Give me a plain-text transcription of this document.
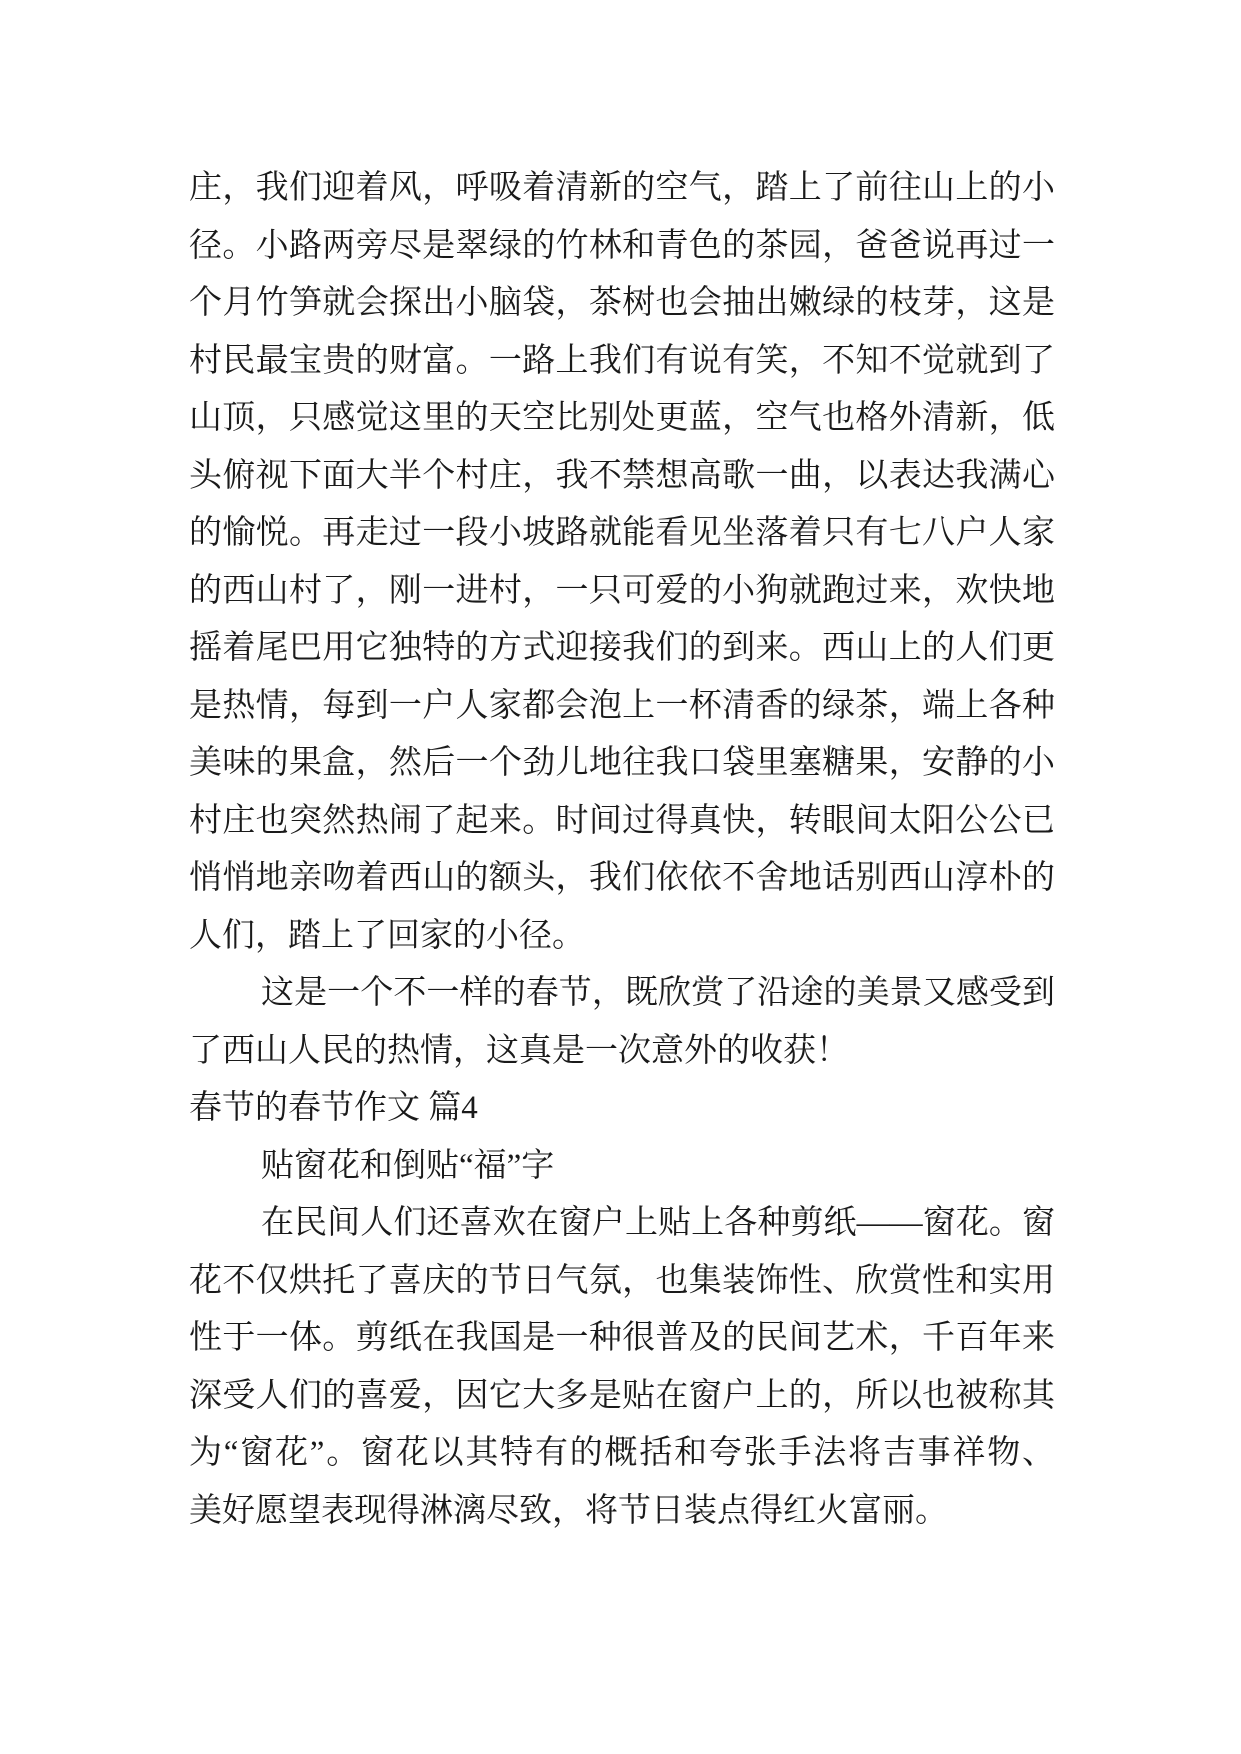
庄，我们迎着风，呼吸着清新的空气，踏上了前往山上的小
径。小路两旁尽是翠绿的竹林和青色的茶园，爸爸说再过一
个月竹笋就会探出小脑袋，茶树也会抽出嫩绿的枝芽，这是
村民最宝贵的财富。一路上我们有说有笑，不知不觉就到了
山顶，只感觉这里的天空比别处更蓝，空气也格外清新，低
头俯视下面大半个村庄，我不禁想高歌一曲，以表达我满心
的愉悦。再走过一段小坡路就能看见坐落着只有七八户人家
的西山村了，刚一进村，一只可爱的小狗就跑过来，欢快地
摇着尾巴用它独特的方式迎接我们的到来。西山上的人们更
是热情，每到一户人家都会泡上一杯清香的绿茶，端上各种
美味的果盒，然后一个劲儿地往我口袋里塞糖果，安静的小
村庄也突然热闹了起来。时间过得真快，转眼间太阳公公已
悄悄地亲吻着西山的额头，我们依依不舍地话别西山淳朴的
人们，踏上了回家的小径。
这是一个不一样的春节，既欣赏了沿途的美景又感受到
了西山人民的热情，这真是一次意外的收获！
春节的春节作文 篇4
贴窗花和倒贴“福”字
在民间人们还喜欢在窗户上贴上各种剪纸——窗花。窗
花不仅烘托了喜庆的节日气氛，也集装饰性、欣赏性和实用
性于一体。剪纸在我国是一种很普及的民间艺术，千百年来
深受人们的喜爱，因它大多是贴在窗户上的，所以也被称其
为“窗花”。窗花以其特有的概括和夸张手法将吉事祥物、
美好愿望表现得淋漓尽致，将节日装点得红火富丽。
